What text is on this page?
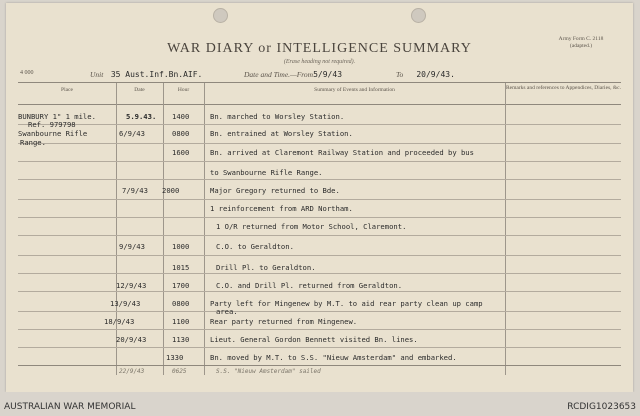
WAR DIARY or INTELLIGENCE SUMMARY
(Erase heading not required).
Army Form C. 2118
(adapted.)
4 000	Unit 35 Aust.Inf.Bn.AIF.	Date and Time.—From5/9/43	To 20/9/43.
Place	Date	Hour	Summary of Events and Information	Remarks and references to Appendices, Diaries, &c.
BUNBURY 1" 1 mile.
Ref. 979798
5.9.43. 1400	Bn. marched to Worsley Station.
Swanbourne Rifle
Range.
6/9/43	0800	Bn. entrained at Worsley Station.
1600	Bn. arrived at Claremont Railway Station and proceeded by bus
to Swanbourne Rifle Range.
7/9/43 2000	Major Gregory returned to Bde.
1 reinforcement from ARD Northam.
1 O/R returned from Motor School, Claremont.
9/9/43	1000	C.O. to Geraldton.
1015	Drill Pl. to Geraldton.
12/9/43	1700	C.O. and Drill Pl. returned from Geraldton.
13/9/43	0800	Party left for Mingenew by M.T. to aid rear party clean up camp
area.
18/9/43	1100	Rear party returned from Mingenew.
20/9/43	1130	Lieut. General Gordon Bennett visited Bn. lines.
1330	Bn. moved by M.T. to S.S. "Nieuw Amsterdam" and embarked.
22/9/43	0625	S.S. "Nieuw Amsterdam" sailed
AUSTRALIAN WAR MEMORIAL	RCDIG1023653
